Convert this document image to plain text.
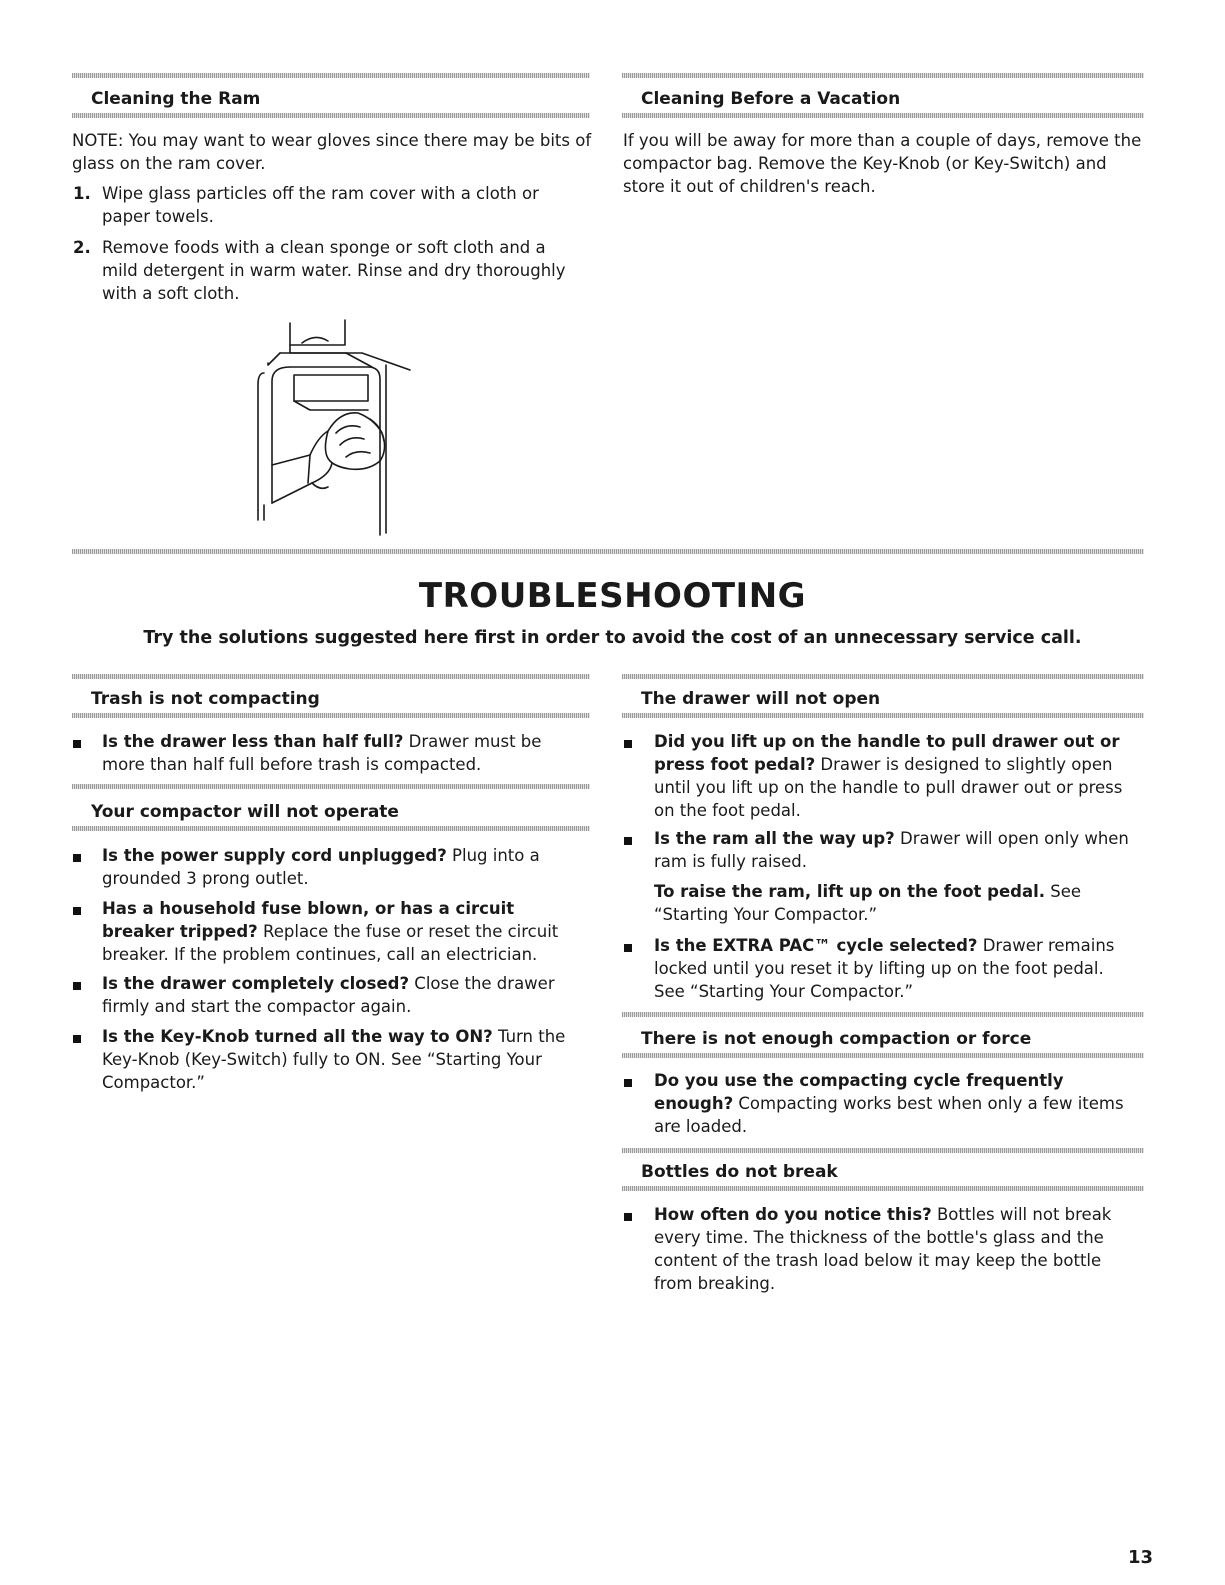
Cleaning the Ram
NOTE: You may want to wear gloves since there may be bits of glass on the ram cover.
1. Wipe glass particles off the ram cover with a cloth or paper towels.
2. Remove foods with a clean sponge or soft cloth and a mild detergent in warm water. Rinse and dry thoroughly with a soft cloth.
Cleaning Before a Vacation
If you will be away for more than a couple of days, remove the compactor bag. Remove the Key-Knob (or Key-Switch) and store it out of children's reach.
TROUBLESHOOTING
Try the solutions suggested here first in order to avoid the cost of an unnecessary service call.
Trash is not compacting
Is the drawer less than half full? Drawer must be more than half full before trash is compacted.
Your compactor will not operate
Is the power supply cord unplugged? Plug into a grounded 3 prong outlet.
Has a household fuse blown, or has a circuit breaker tripped? Replace the fuse or reset the circuit breaker. If the problem continues, call an electrician.
Is the drawer completely closed? Close the drawer firmly and start the compactor again.
Is the Key-Knob turned all the way to ON? Turn the Key-Knob (Key-Switch) fully to ON. See “Starting Your Compactor.”
The drawer will not open
Did you lift up on the handle to pull drawer out or press foot pedal? Drawer is designed to slightly open until you lift up on the handle to pull drawer out or press on the foot pedal.
Is the ram all the way up? Drawer will open only when ram is fully raised.
To raise the ram, lift up on the foot pedal. See “Starting Your Compactor.”
Is the EXTRA PAC™ cycle selected? Drawer remains locked until you reset it by lifting up on the foot pedal. See “Starting Your Compactor.”
There is not enough compaction or force
Do you use the compacting cycle frequently enough? Compacting works best when only a few items are loaded.
Bottles do not break
How often do you notice this? Bottles will not break every time. The thickness of the bottle's glass and the content of the trash load below it may keep the bottle from breaking.
13
